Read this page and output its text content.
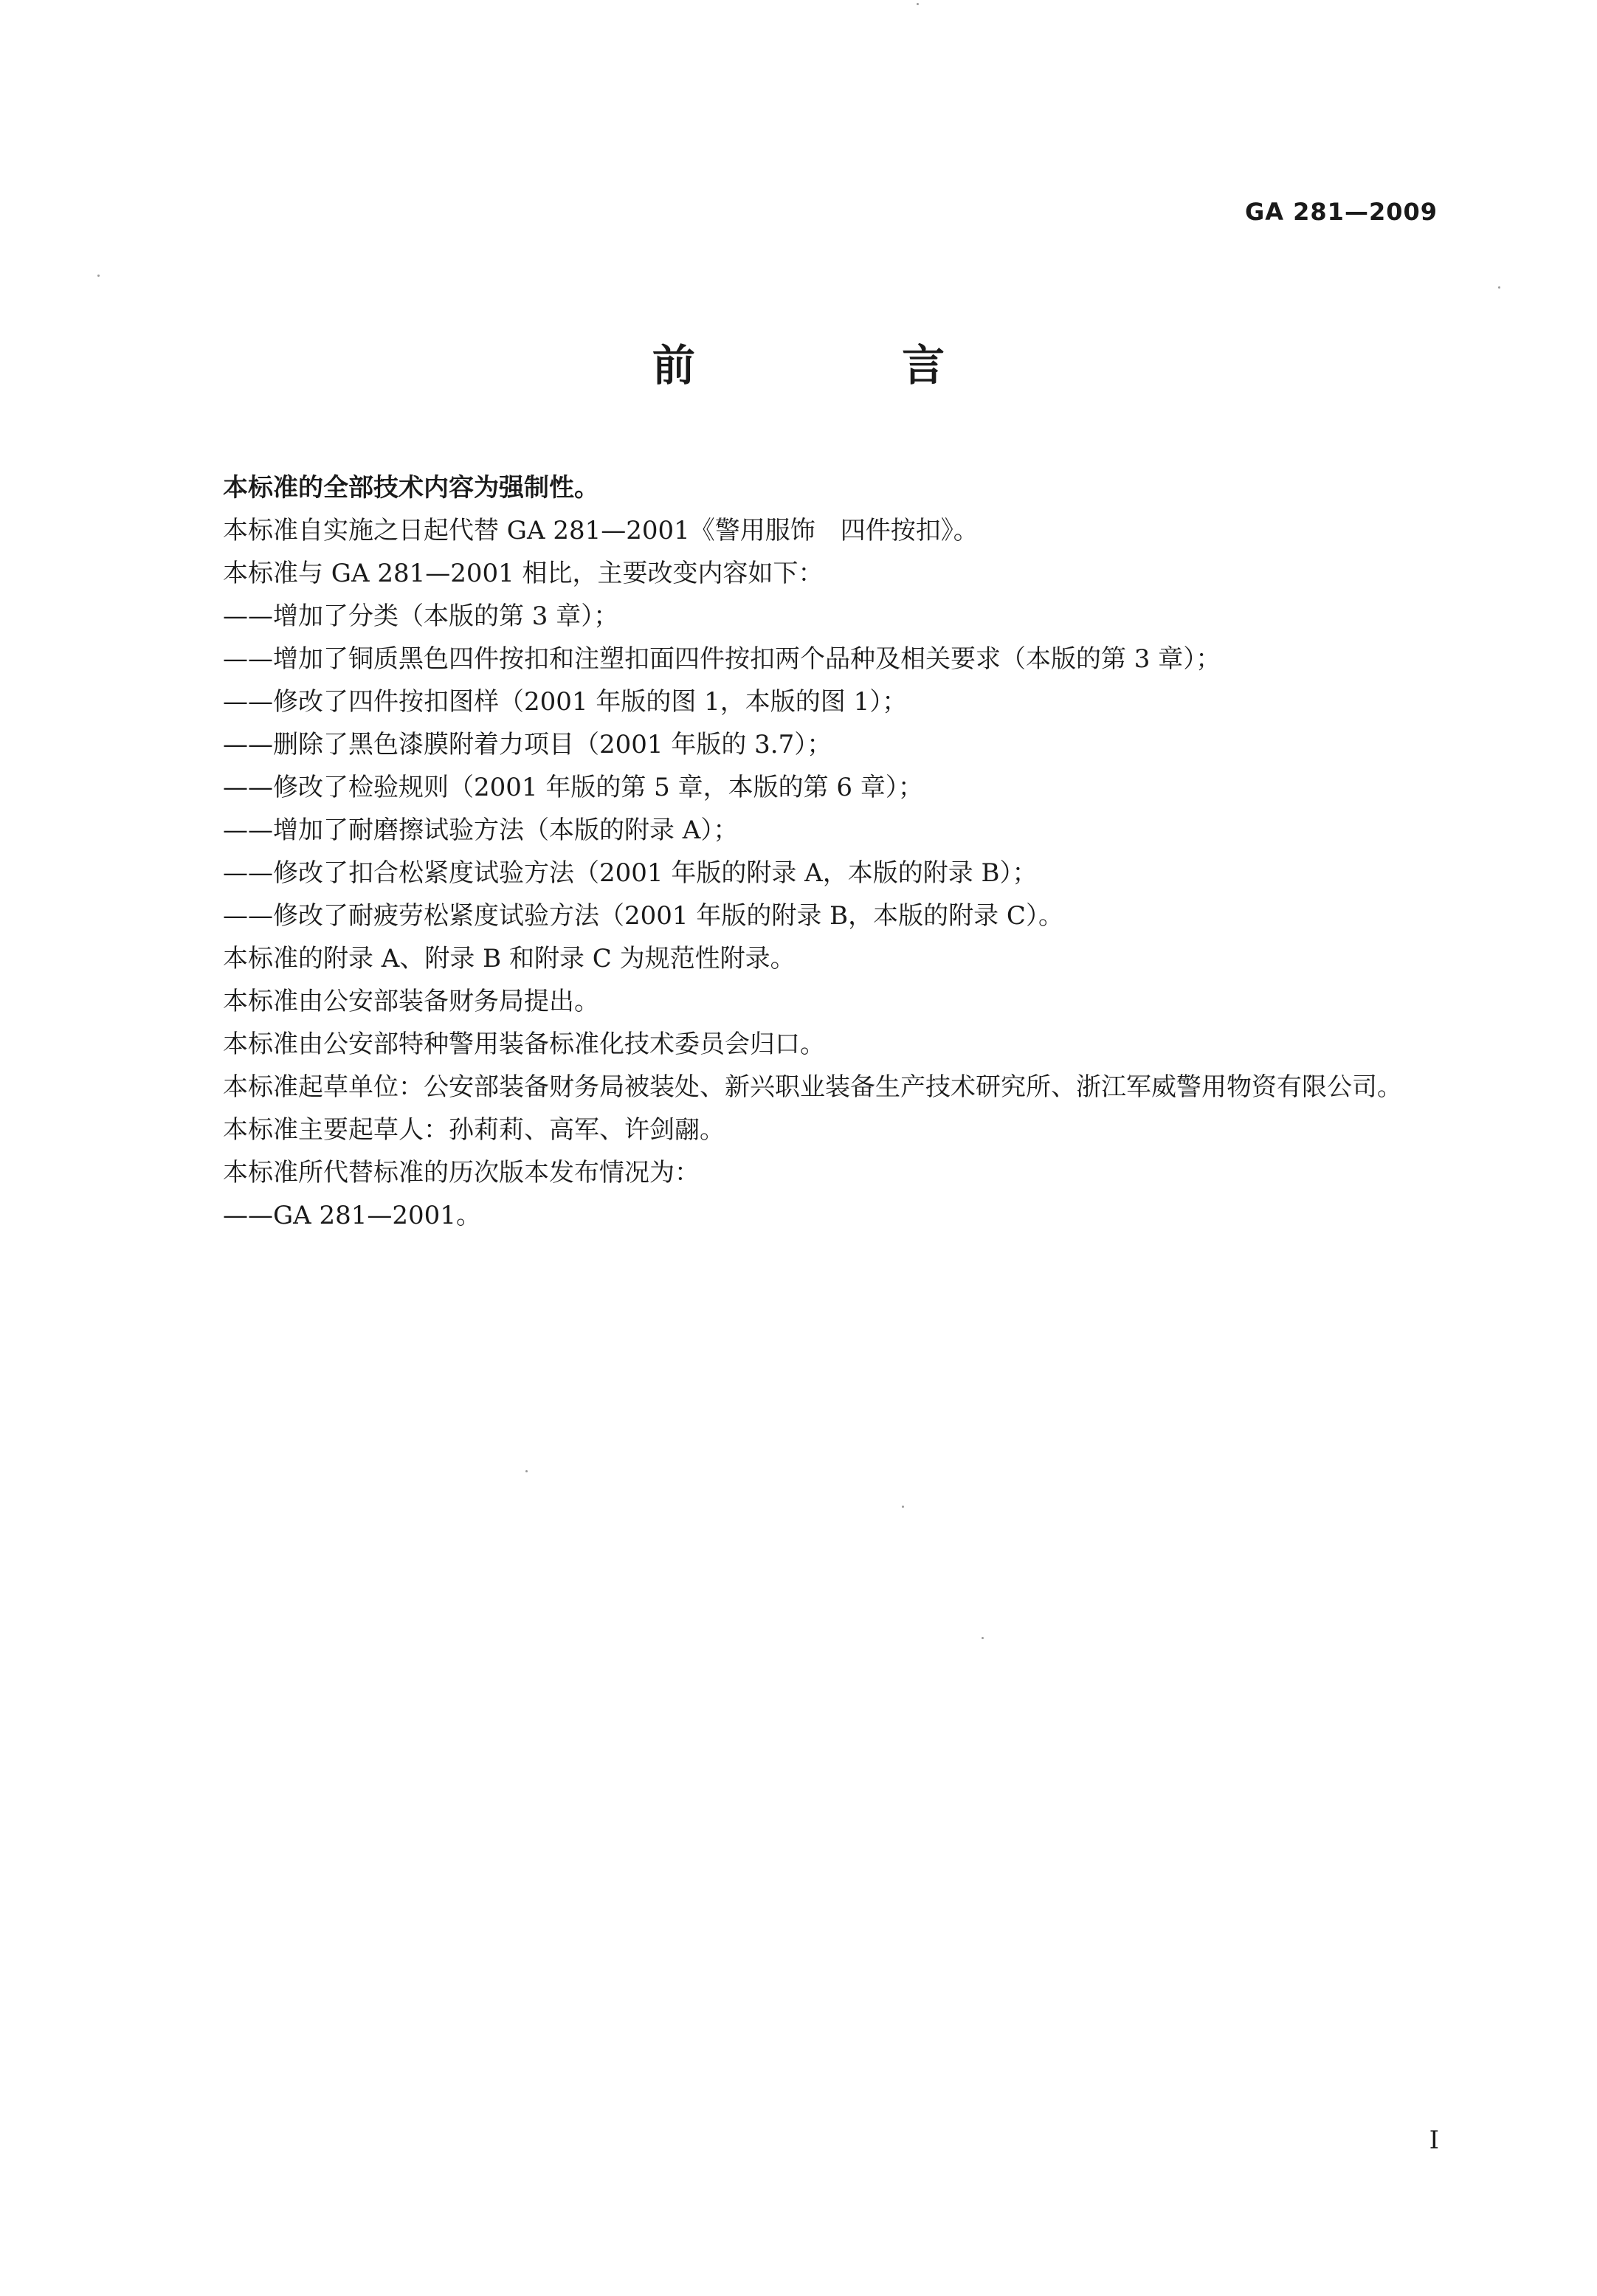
GA 281—2009
前 言

本标准的全部技术内容为强制性。

本标准自实施之日起代替 GA 281—2001《警用服饰　四件按扣》。

本标准与 GA 281—2001 相比，主要改变内容如下：

——增加了分类（本版的第 3 章）；

——增加了铜质黑色四件按扣和注塑扣面四件按扣两个品种及相关要求（本版的第 3 章）；

——修改了四件按扣图样（2001 年版的图 1，本版的图 1）；

——删除了黑色漆膜附着力项目（2001 年版的 3.7）；

——修改了检验规则（2001 年版的第 5 章，本版的第 6 章）；

——增加了耐磨擦试验方法（本版的附录 A）；

——修改了扣合松紧度试验方法（2001 年版的附录 A，本版的附录 B）；

——修改了耐疲劳松紧度试验方法（2001 年版的附录 B，本版的附录 C）。

本标准的附录 A、附录 B 和附录 C 为规范性附录。

本标准由公安部装备财务局提出。

本标准由公安部特种警用装备标准化技术委员会归口。

本标准起草单位：公安部装备财务局被装处、新兴职业装备生产技术研究所、浙江军威警用物资有限公司。

本标准主要起草人：孙莉莉、高军、许剑翮。

本标准所代替标准的历次版本发布情况为：

——GA 281—2001。

I
